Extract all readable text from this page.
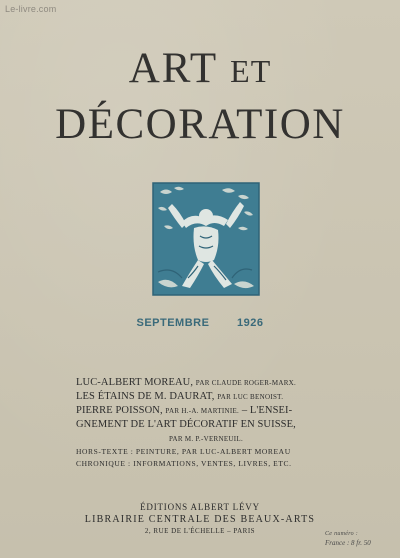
Le-livre.com
ART ET
DÉCORATION
SEPTEMBRE	1926
LUC-ALBERT MOREAU, PAR CLAUDE ROGER-MARX.
LES ÉTAINS DE M. DAURAT, PAR LUC BENOIST.
PIERRE POISSON, PAR H.-A. MARTINIE. – L'ENSEI-
GNEMENT DE L'ART DÉCORATIF EN SUISSE,
PAR M. P.-VERNEUIL.
HORS-TEXTE : PEINTURE, PAR LUC-ALBERT MOREAU
CHRONIQUE : INFORMATIONS, VENTES, LIVRES, ETC.
ÉDITIONS ALBERT LÉVY
LIBRAIRIE CENTRALE DES BEAUX-ARTS
2, RUE DE L'ÉCHELLE – PARIS	Ce numéro :
France : 8 fr. 50
